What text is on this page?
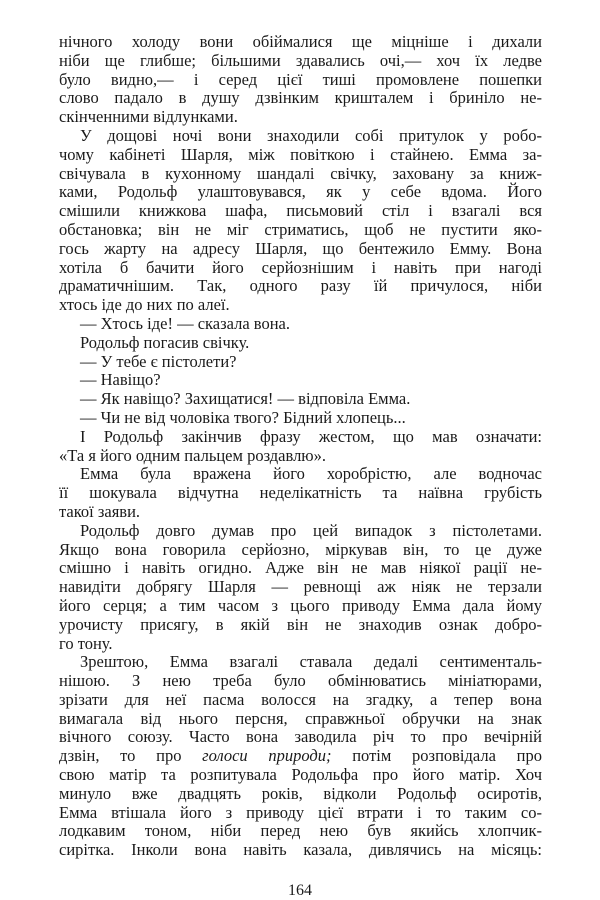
нічного холоду вони обіймалися ще міцніше і дихали
ніби ще глибше; більшими здавались очі,— хоч їх ледве
було видно,— і серед цієї тиші промовлене пошепки
слово падало в душу дзвінким кришталем і бриніло не-
скінченними відлунками.
У дощові ночі вони знаходили собі притулок у робо-
чому кабінеті Шарля, між повіткою і стайнею. Емма за-
свічувала в кухонному шандалі свічку, заховану за книж-
ками, Родольф улаштовувався, як у себе вдома. Його
смішили книжкова шафа, письмовий стіл і взагалі вся
обстановка; він не міг стриматись, щоб не пустити яко-
гось жарту на адресу Шарля, що бентежило Емму. Вона
хотіла б бачити його серйознішим і навіть при нагоді
драматичнішим. Так, одного разу їй причулося, ніби
хтось іде до них по алеї.
— Хтось іде! — сказала вона.
Родольф погасив свічку.
— У тебе є пістолети?
— Навіщо?
— Як навіщо? Захищатися! — відповіла Емма.
— Чи не від чоловіка твого? Бідний хлопець...
І Родольф закінчив фразу жестом, що мав означати:
«Та я його одним пальцем роздавлю».
Емма була вражена його хоробрістю, але водночас
її шокувала відчутна неделікатність та наївна грубість
такої заяви.
Родольф довго думав про цей випадок з пістолетами.
Якщо вона говорила серйозно, міркував він, то це дуже
смішно і навіть огидно. Адже він не мав ніякої рації не-
навидіти добрягу Шарля — ревнощі аж ніяк не терзали
його серця; а тим часом з цього приводу Емма дала йому
урочисту присягу, в якій він не знаходив ознак добро-
го тону.
Зрештою, Емма взагалі ставала дедалі сентименталь-
нішою. З нею треба було обмінюватись мініатюрами,
зрізати для неї пасма волосся на згадку, а тепер вона
вимагала від нього персня, справжньої обручки на знак
вічного союзу. Часто вона заводила річ то про вечірній
дзвін, то про голоси природи; потім розповідала про
свою матір та розпитувала Родольфа про його матір. Хоч
минуло вже двадцять років, відколи Родольф осиротів,
Емма втішала його з приводу цієї втрати і то таким со-
лодкавим тоном, ніби перед нею був якийсь хлопчик-
сирітка. Інколи вона навіть казала, дивлячись на місяць:
164
